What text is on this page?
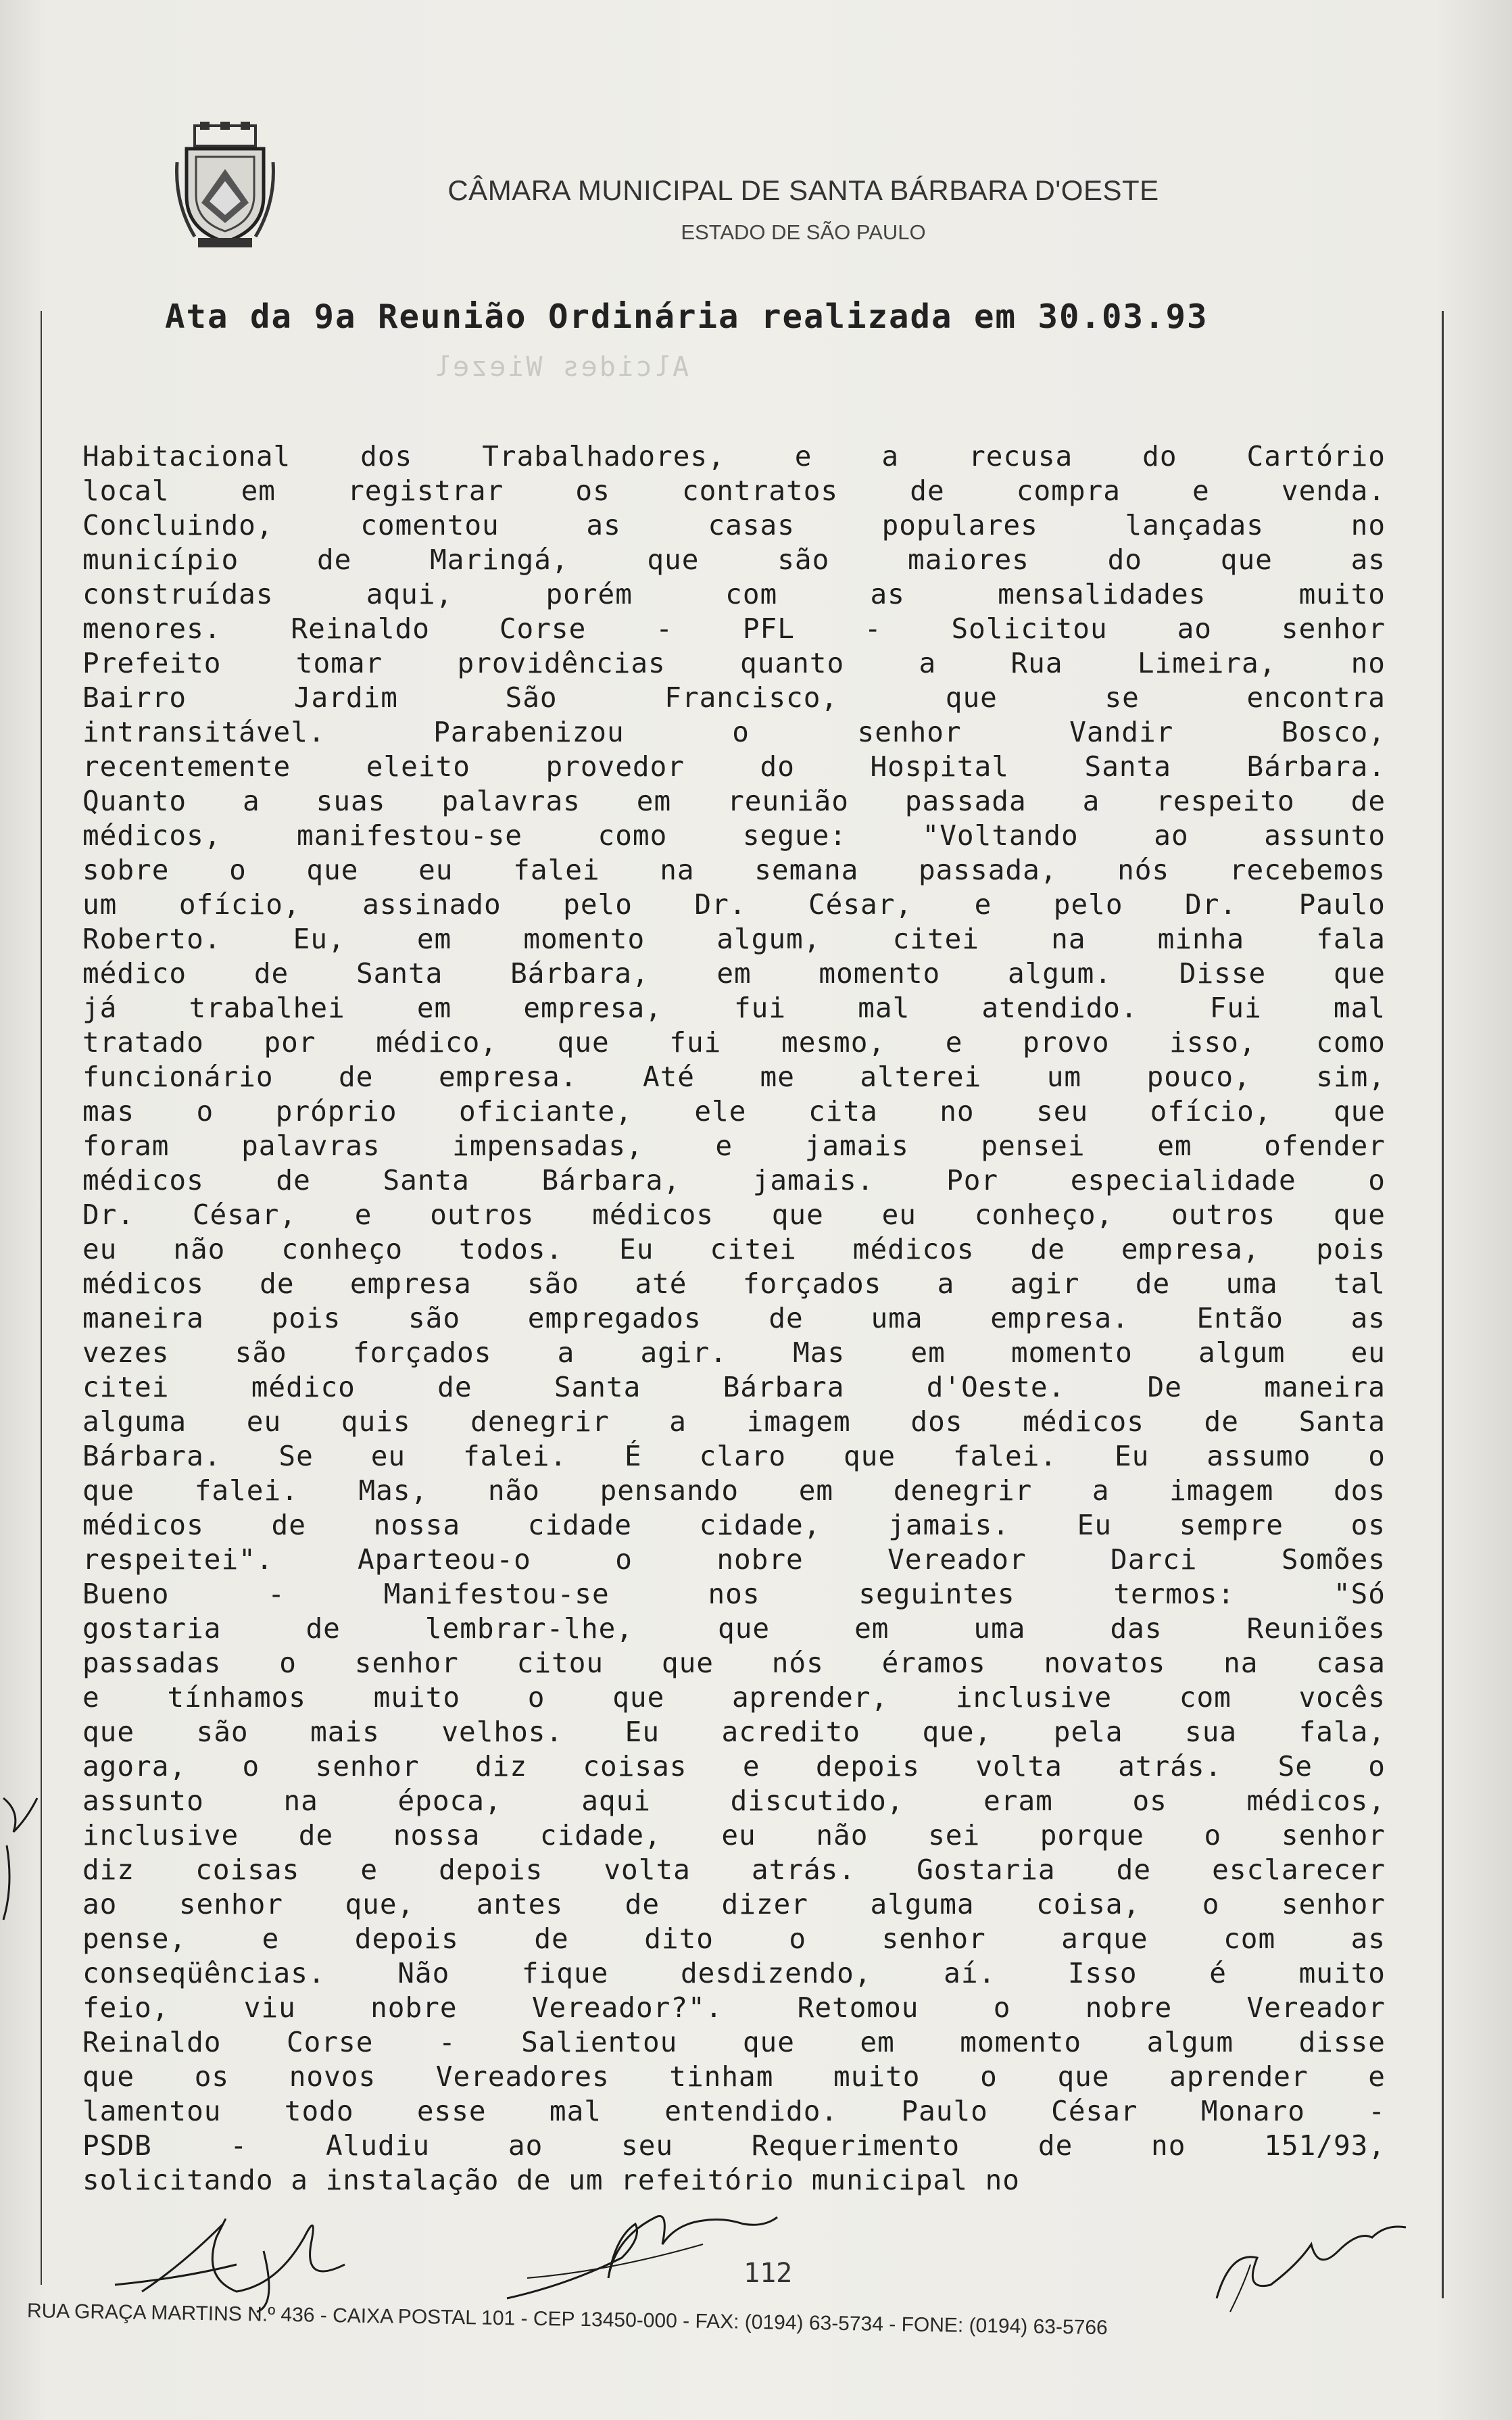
CÂMARA MUNICIPAL DE SANTA BÁRBARA D'OESTE
ESTADO DE SÃO PAULO
Alcides Wiezel
Ata da 9a Reunião Ordinária realizada em 30.03.93
Habitacional dos Trabalhadores, e a recusa do Cartório
local em registrar os contratos de compra e venda.
Concluindo, comentou as casas populares lançadas no
município de Maringá, que são maiores do que as
construídas aqui, porém com as mensalidades muito
menores. Reinaldo Corse - PFL - Solicitou ao senhor
Prefeito tomar providências quanto a Rua Limeira, no
Bairro Jardim São Francisco, que se encontra
intransitável. Parabenizou o senhor Vandir Bosco,
recentemente eleito provedor do Hospital Santa Bárbara.
Quanto a suas palavras em reunião passada a respeito de
médicos, manifestou-se como segue: "Voltando ao assunto
sobre o que eu falei na semana passada, nós recebemos
um ofício, assinado pelo Dr. César, e pelo Dr. Paulo
Roberto. Eu, em momento algum, citei na minha fala
médico de Santa Bárbara, em momento algum. Disse que
já trabalhei em empresa, fui mal atendido. Fui mal
tratado por médico, que fui mesmo, e provo isso, como
funcionário de empresa. Até me alterei um pouco, sim,
mas o próprio oficiante, ele cita no seu ofício, que
foram palavras impensadas, e jamais pensei em ofender
médicos de Santa Bárbara, jamais. Por especialidade o
Dr. César, e outros médicos que eu conheço, outros que
eu não conheço todos. Eu citei médicos de empresa, pois
médicos de empresa são até forçados a agir de uma tal
maneira pois são empregados de uma empresa. Então as
vezes são forçados a agir. Mas em momento algum eu
citei médico de Santa Bárbara d'Oeste. De maneira
alguma eu quis denegrir a imagem dos médicos de Santa
Bárbara. Se eu falei. É claro que falei. Eu assumo o
que falei. Mas, não pensando em denegrir a imagem dos
médicos de nossa cidade cidade, jamais. Eu sempre os
respeitei". Aparteou-o o nobre Vereador Darci Somões
Bueno - Manifestou-se nos seguintes termos: "Só
gostaria de lembrar-lhe, que em uma das Reuniões
passadas o senhor citou que nós éramos novatos na casa
e tínhamos muito o que aprender, inclusive com vocês
que são mais velhos. Eu acredito que, pela sua fala,
agora, o senhor diz coisas e depois volta atrás. Se o
assunto na época, aqui discutido, eram os médicos,
inclusive de nossa cidade, eu não sei porque o senhor
diz coisas e depois volta atrás. Gostaria de esclarecer
ao senhor que, antes de dizer alguma coisa, o senhor
pense, e depois de dito o senhor arque com as
conseqüências. Não fique desdizendo, aí. Isso é muito
feio, viu nobre Vereador?". Retomou o nobre Vereador
Reinaldo Corse - Salientou que em momento algum disse
que os novos Vereadores tinham muito o que aprender e
lamentou todo esse mal entendido. Paulo César Monaro -
PSDB - Aludiu ao seu Requerimento de no 151/93,
solicitando a instalação de um refeitório municipal no
112
RUA GRAÇA MARTINS N.º 436 - CAIXA POSTAL 101 - CEP 13450-000 - FAX: (0194) 63-5734 - FONE: (0194) 63-5766
